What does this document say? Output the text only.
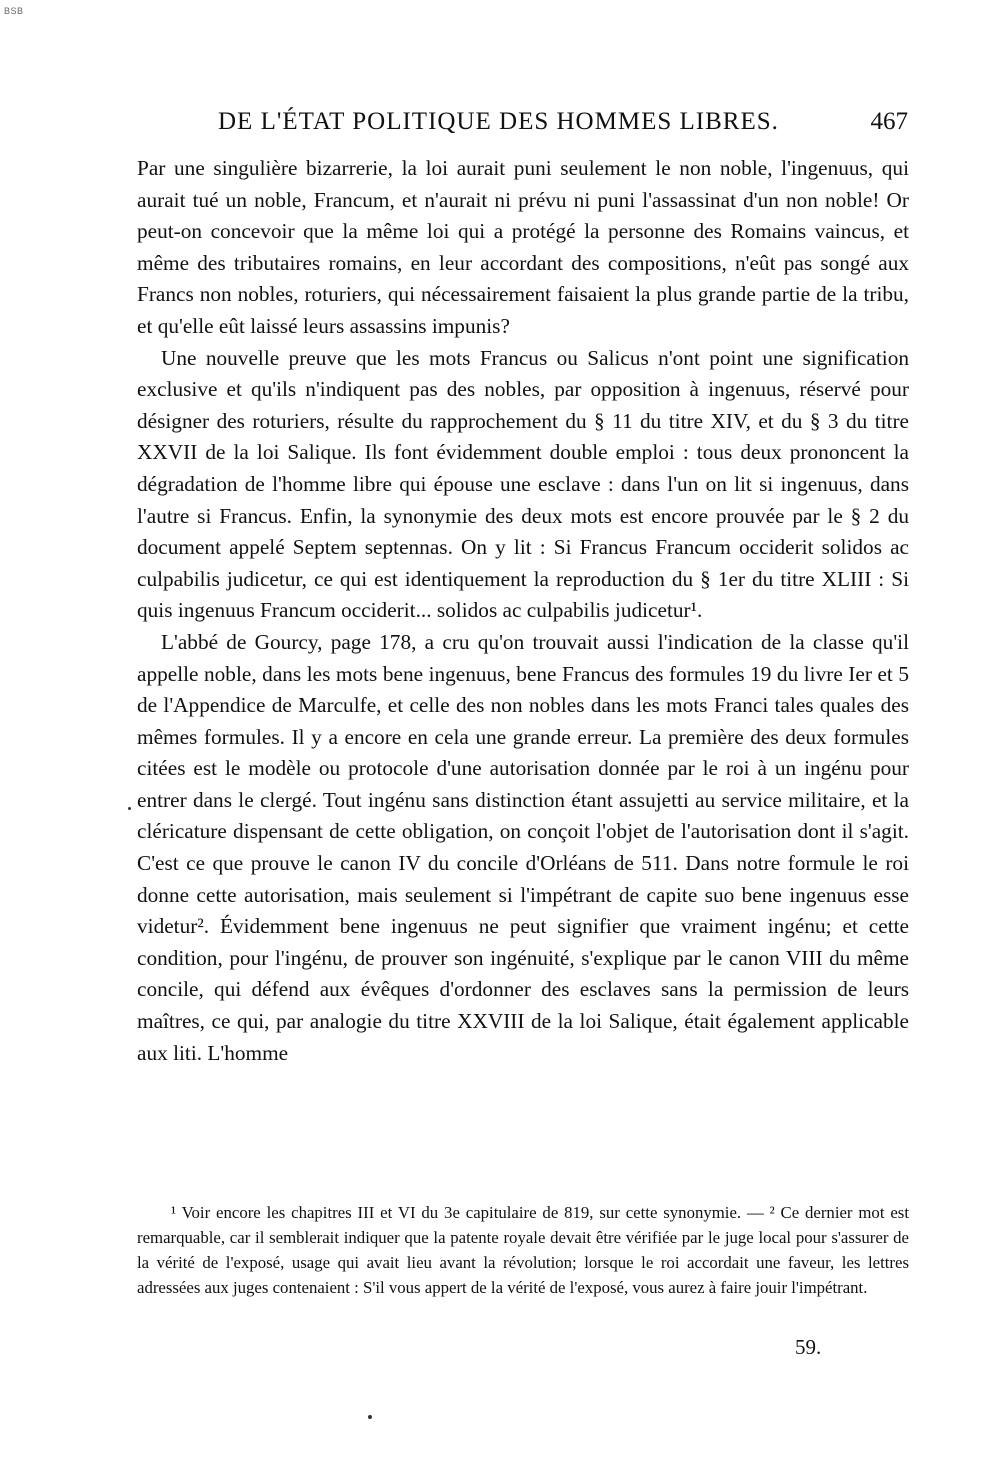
BSB
DE L'ÉTAT POLITIQUE DES HOMMES LIBRES.	467

Par une singulière bizarrerie, la loi aurait puni seulement le non noble, l'ingenuus, qui aurait tué un noble, Francum, et n'aurait ni prévu ni puni l'assassinat d'un non noble! Or peut-on concevoir que la même loi qui a protégé la personne des Romains vaincus, et même des tributaires romains, en leur accordant des compositions, n'eût pas songé aux Francs non nobles, roturiers, qui nécessairement faisaient la plus grande partie de la tribu, et qu'elle eût laissé leurs assassins impunis?

Une nouvelle preuve que les mots Francus ou Salicus n'ont point une signification exclusive et qu'ils n'indiquent pas des nobles, par opposition à ingenuus, réservé pour désigner des roturiers, résulte du rapprochement du § 11 du titre XIV, et du § 3 du titre XXVII de la loi Salique. Ils font évidemment double emploi : tous deux prononcent la dégradation de l'homme libre qui épouse une esclave : dans l'un on lit si ingenuus, dans l'autre si Francus. Enfin, la synonymie des deux mots est encore prouvée par le § 2 du document appelé Septem septennas. On y lit : Si Francus Francum occiderit solidos ac culpabilis judicetur, ce qui est identiquement la reproduction du § 1er du titre XLIII : Si quis ingenuus Francum occiderit... solidos ac culpabilis judicetur¹.

L'abbé de Gourcy, page 178, a cru qu'on trouvait aussi l'indication de la classe qu'il appelle noble, dans les mots bene ingenuus, bene Francus des formules 19 du livre Ier et 5 de l'Appendice de Marculfe, et celle des non nobles dans les mots Franci tales quales des mêmes formules. Il y a encore en cela une grande erreur. La première des deux formules citées est le modèle ou protocole d'une autorisation donnée par le roi à un ingénu pour entrer dans le clergé. Tout ingénu sans distinction étant assujetti au service militaire, et la cléricature dispensant de cette obligation, on conçoit l'objet de l'autorisation dont il s'agit. C'est ce que prouve le canon IV du concile d'Orléans de 511. Dans notre formule le roi donne cette autorisation, mais seulement si l'impétrant de capite suo bene ingenuus esse videtur². Évidemment bene ingenuus ne peut signifier que vraiment ingénu; et cette condition, pour l'ingénu, de prouver son ingénuité, s'explique par le canon VIII du même concile, qui défend aux évêques d'ordonner des esclaves sans la permission de leurs maîtres, ce qui, par analogie du titre XXVIII de la loi Salique, était également applicable aux liti. L'homme

¹ Voir encore les chapitres III et VI du 3e capitulaire de 819, sur cette synonymie. — ² Ce dernier mot est remarquable, car il semblerait indiquer que la patente royale devait être vérifiée par le juge local pour s'assurer de la vérité de l'exposé, usage qui avait lieu avant la révolution; lorsque le roi accordait une faveur, les lettres adressées aux juges contenaient : S'il vous appert de la vérité de l'exposé, vous aurez à faire jouir l'impétrant.

59.
